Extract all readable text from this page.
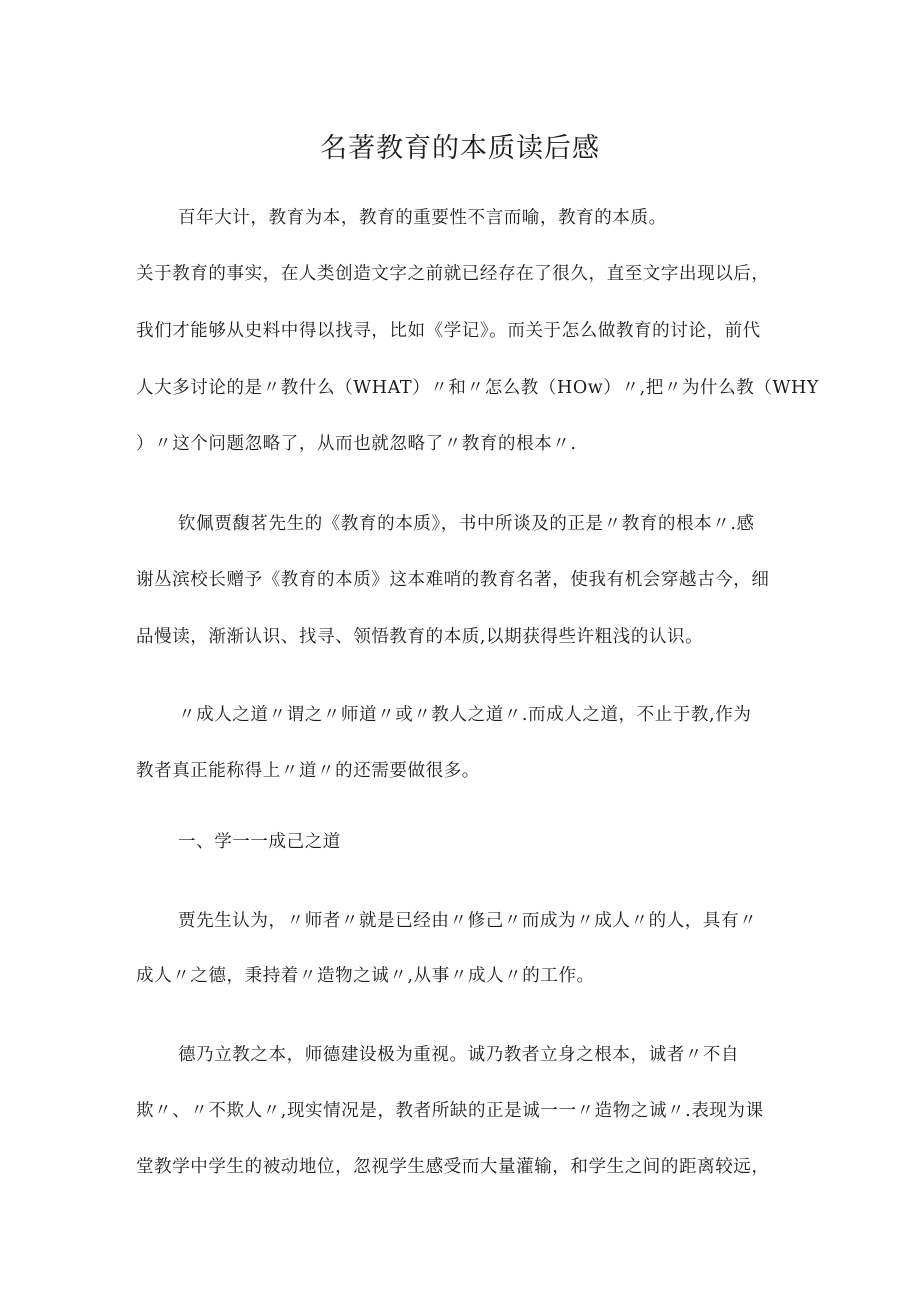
名著教育的本质读后感
百年大计，教育为本，教育的重要性不言而喻，教育的本质。
关于教育的事实，在人类创造文字之前就已经存在了很久，直至文字出现以后，
我们才能够从史料中得以找寻，比如《学记》。而关于怎么做教育的讨论，前代
人大多讨论的是〃教什么（WHAT）〃和〃怎么教（HOw）〃,把〃为什么教（WHY
）〃这个问题忽略了，从而也就忽略了〃教育的根本〃.
钦佩贾馥茗先生的《教育的本质》，书中所谈及的正是〃教育的根本〃.感
谢丛滨校长赠予《教育的本质》这本难哨的教育名著，使我有机会穿越古今，细
品慢读，渐渐认识、找寻、领悟教育的本质,以期获得些许粗浅的认识。
〃成人之道〃谓之〃师道〃或〃教人之道〃.而成人之道，不止于教,作为
教者真正能称得上〃道〃的还需要做很多。
一、学一一成己之道
贾先生认为，〃师者〃就是已经由〃修己〃而成为〃成人〃的人，具有〃
成人〃之德，秉持着〃造物之诚〃,从事〃成人〃的工作。
德乃立教之本，师德建设极为重视。诚乃教者立身之根本，诚者〃不自
欺〃、〃不欺人〃,现实情况是，教者所缺的正是诚一一〃造物之诚〃.表现为课
堂教学中学生的被动地位，忽视学生感受而大量灌输，和学生之间的距离较远，
